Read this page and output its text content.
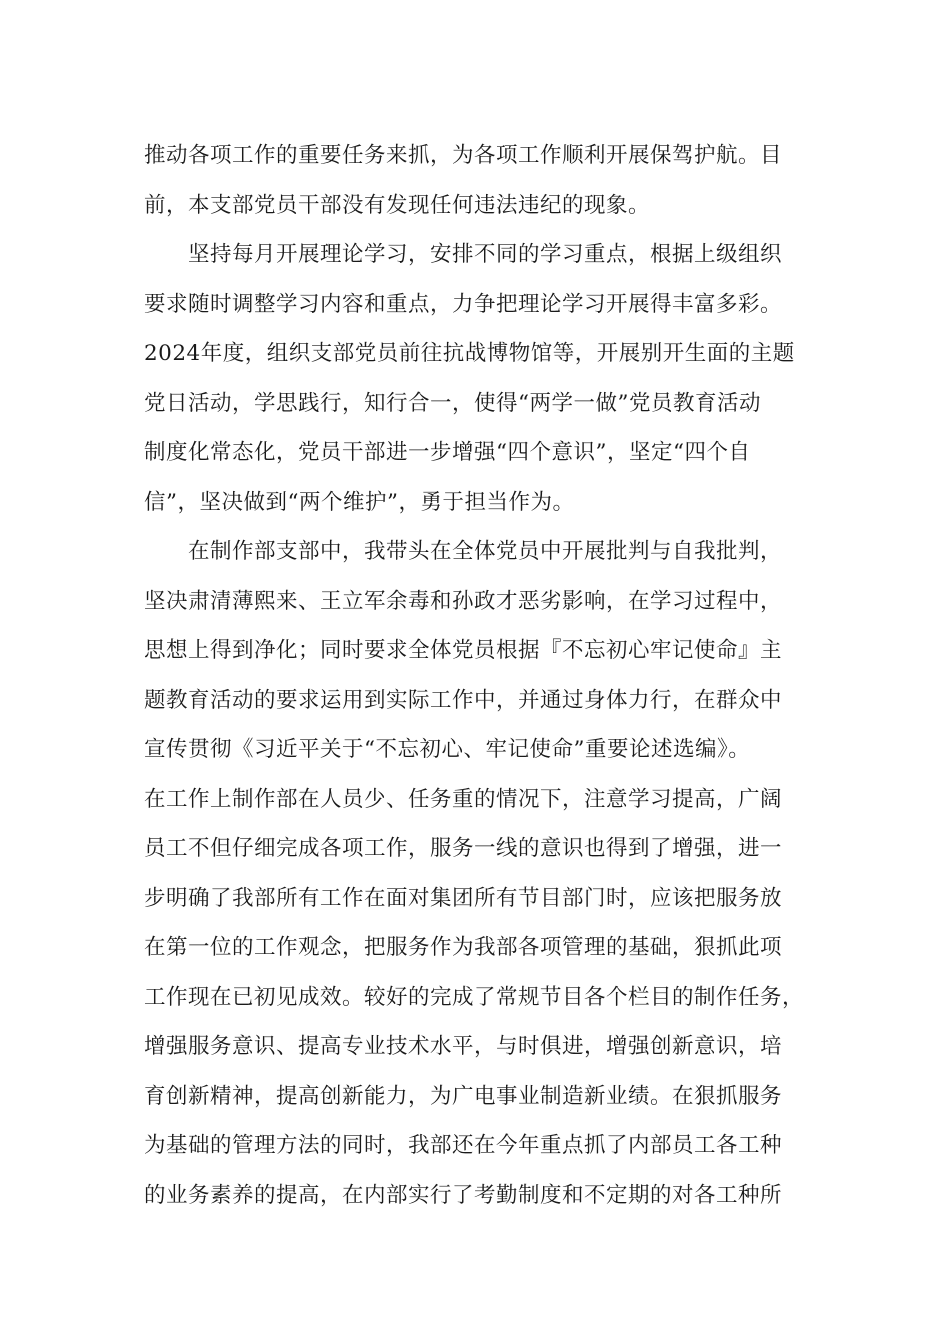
推动各项工作的重要任务来抓，为各项工作顺利开展保驾护航。目
前，本支部党员干部没有发现任何违法违纪的现象。
坚持每月开展理论学习，安排不同的学习重点，根据上级组织
要求随时调整学习内容和重点，力争把理论学习开展得丰富多彩。
2024年度，组织支部党员前往抗战博物馆等，开展别开生面的主题
党日活动，学思践行，知行合一，使得“两学一做”党员教育活动
制度化常态化，党员干部进一步增强“四个意识”，坚定“四个自
信”，坚决做到“两个维护”，勇于担当作为。
在制作部支部中，我带头在全体党员中开展批判与自我批判，
坚决肃清薄熙来、王立军余毒和孙政才恶劣影响，在学习过程中，
思想上得到净化；同时要求全体党员根据『不忘初心牢记使命』主
题教育活动的要求运用到实际工作中，并通过身体力行，在群众中
宣传贯彻《习近平关于“不忘初心、牢记使命”重要论述选编》。
在工作上制作部在人员少、任务重的情况下，注意学习提高，广阔
员工不但仔细完成各项工作，服务一线的意识也得到了增强，进一
步明确了我部所有工作在面对集团所有节目部门时，应该把服务放
在第一位的工作观念，把服务作为我部各项管理的基础，狠抓此项
工作现在已初见成效。较好的完成了常规节目各个栏目的制作任务，
增强服务意识、提高专业技术水平，与时俱进，增强创新意识，培
育创新精神，提高创新能力，为广电事业制造新业绩。在狠抓服务
为基础的管理方法的同时，我部还在今年重点抓了内部员工各工种
的业务素养的提高，在内部实行了考勤制度和不定期的对各工种所
